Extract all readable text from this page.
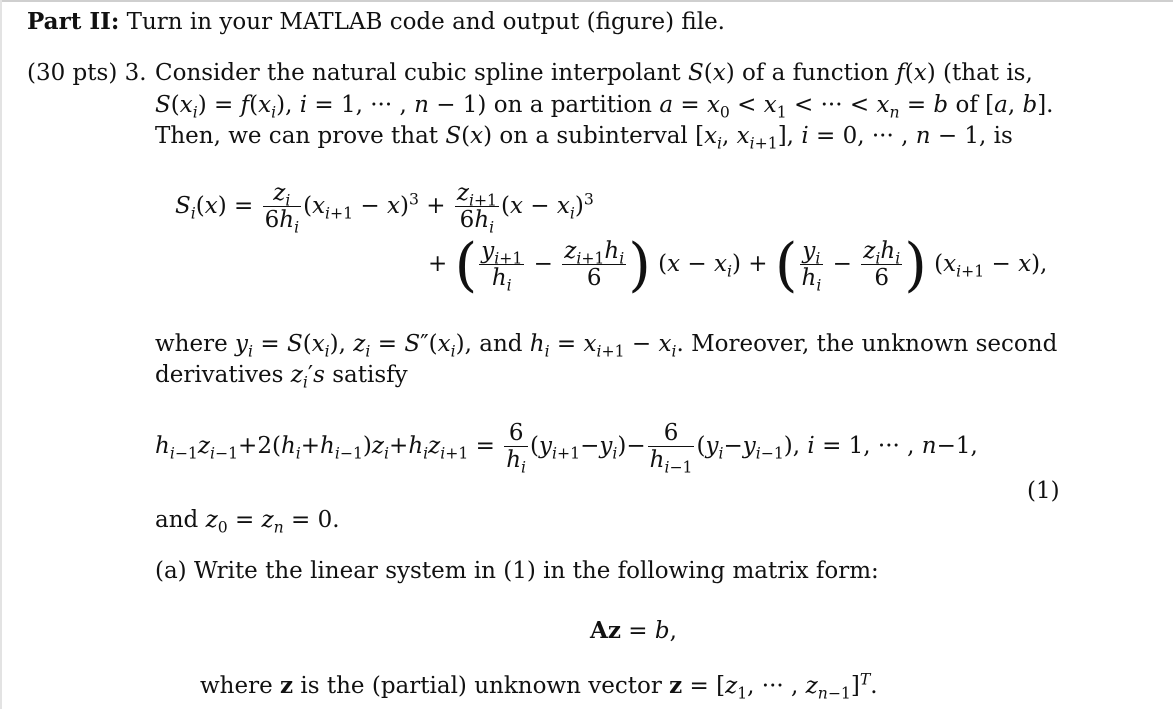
Part II: Turn in your MATLAB code and output (figure) file.
(30 pts) 3. Consider the natural cubic spline interpolant S(x) of a function f(x) (that is,
$S(x_i) = f(x_i)$, i = 1, ··· , n − 1) on a partition $a = x_0 < x_1$ < ··· < $x_n = b$ of [a, b].
Then, we can prove that S(x) on a subinterval [$x_i$, $x_{i+1}$], i = 0, ··· , n − 1, is
$S_i(x) = \frac{z_i}{6h_i} (x_{i+1} - x)^3 + \frac{z_{i+1}}{6h_i} (x - x_i)^3$
+ ( $\frac{y_{i+1}}{h_i} - \frac{z_{i+1}h_i}{6}$ ) $(x - x_i)$ + ( $\frac{y_i}{h_i} - \frac{z_ih_i}{6}$ ) $(x_{i+1} - x)$,
where $y_i = S(x_i)$, $z_i = S''(x_i)$, and $h_i = x_{i+1} - x_i$. Moreover, the unknown second
derivatives $z_i's$ satisfy
$h_{i-1}z_{i-1}+2(h_i+h_{i-1})z_i+h_iz_{i+1} = \frac{6}{h_i} (y_{i+1}-y_i)- \frac{6}{h_{i-1}} (y_i-y_{i-1})$, i = 1, ··· , n−1,
(1)
and $z_0 = z_n = 0$.
(a) Write the linear system in (1) in the following matrix form:
Az = b,
where z is the (partial) unknown vector $z = [z_1$, ··· , $z_{n-1}]^T$.
